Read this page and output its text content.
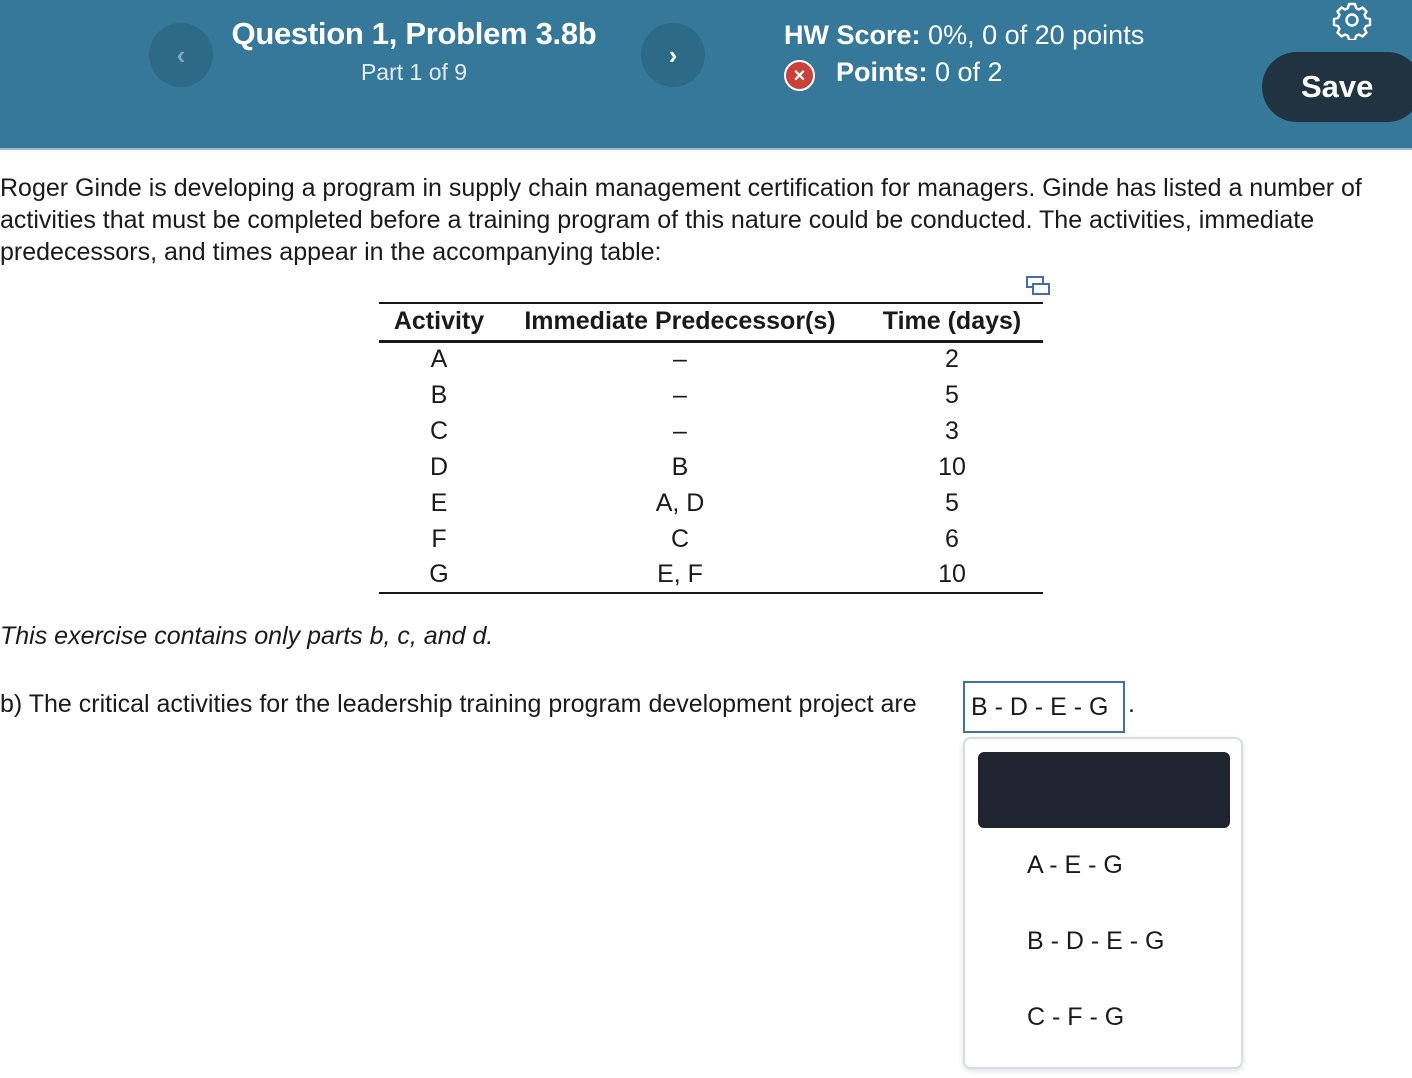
‹
Question 1, Problem 3.8b
Part 1 of 9
›
HW Score: 0%, 0 of 20 points
× Points: 0 of 2	Save
Roger Ginde is developing a program in supply chain management certification for managers. Ginde has listed a number of activities that must be completed before a training program of this nature could be conducted. The activities, immediate predecessors, and times appear in the accompanying table:
Activity	Immediate Predecessor(s)	Time (days)
A	–	2
B	–	5
C	–	3
D	B	10
E	A, D	5
F	C	6
G	E, F	10
This exercise contains only parts b, c, and d.
b) The critical activities for the leadership training program development project are B - D - E - G .
A - E - G
B - D - E - G
C - F - G
